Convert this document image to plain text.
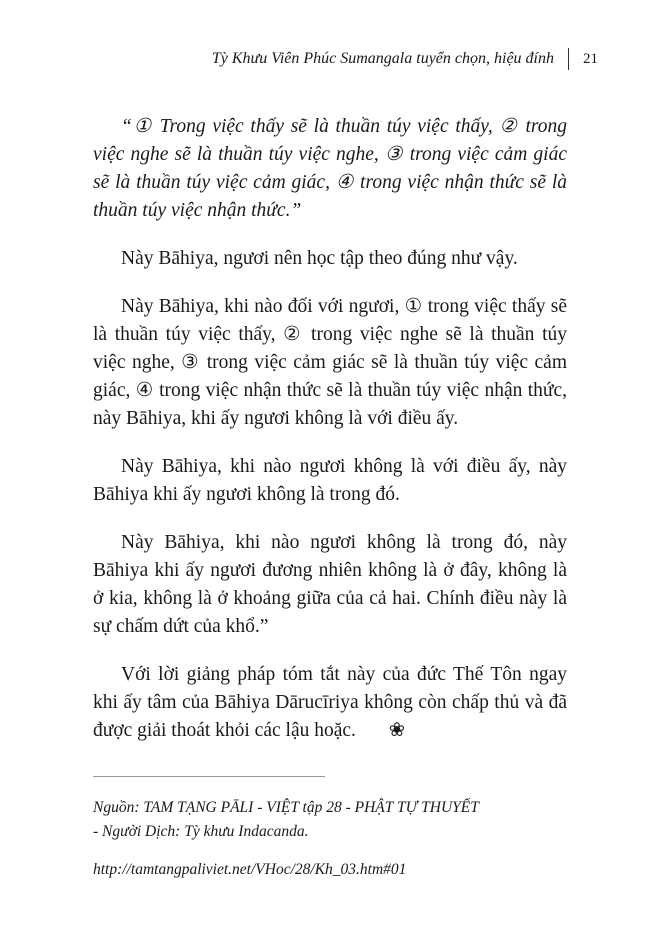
Tỳ Khưu Viên Phúc Sumangala tuyển chọn, hiệu đính 21

“① Trong việc thấy sẽ là thuần túy việc thấy, ② trong việc nghe sẽ là thuần túy việc nghe, ③ trong việc cảm giác sẽ là thuần túy việc cảm giác, ④ trong việc nhận thức sẽ là thuần túy việc nhận thức.”

Này Bāhiya, ngươi nên học tập theo đúng như vậy.

Này Bāhiya, khi nào đối với ngươi, ① trong việc thấy sẽ là thuần túy việc thấy, ② trong việc nghe sẽ là thuần túy việc nghe, ③ trong việc cảm giác sẽ là thuần túy việc cảm giác, ④ trong việc nhận thức sẽ là thuần túy việc nhận thức, này Bāhiya, khi ấy ngươi không là với điều ấy.

Này Bāhiya, khi nào ngươi không là với điều ấy, này Bāhiya khi ấy ngươi không là trong đó.

Này Bāhiya, khi nào ngươi không là trong đó, này Bāhiya khi ấy ngươi đương nhiên không là ở đây, không là ở kia, không là ở khoảng giữa của cả hai. Chính điều này là sự chấm dứt của khổ.”

Với lời giảng pháp tóm tắt này của đức Thế Tôn ngay khi ấy tâm của Bāhiya Dārucīriya không còn chấp thủ và đã được giải thoát khỏi các lậu hoặc. ❀

Nguồn: TAM TẠNG PĀLI - VIỆT tập 28 - PHẬT TỰ THUYẾT
- Người Dịch: Tỳ khưu Indacanda.
http://tamtangpaliviet.net/VHoc/28/Kh_03.htm#01
